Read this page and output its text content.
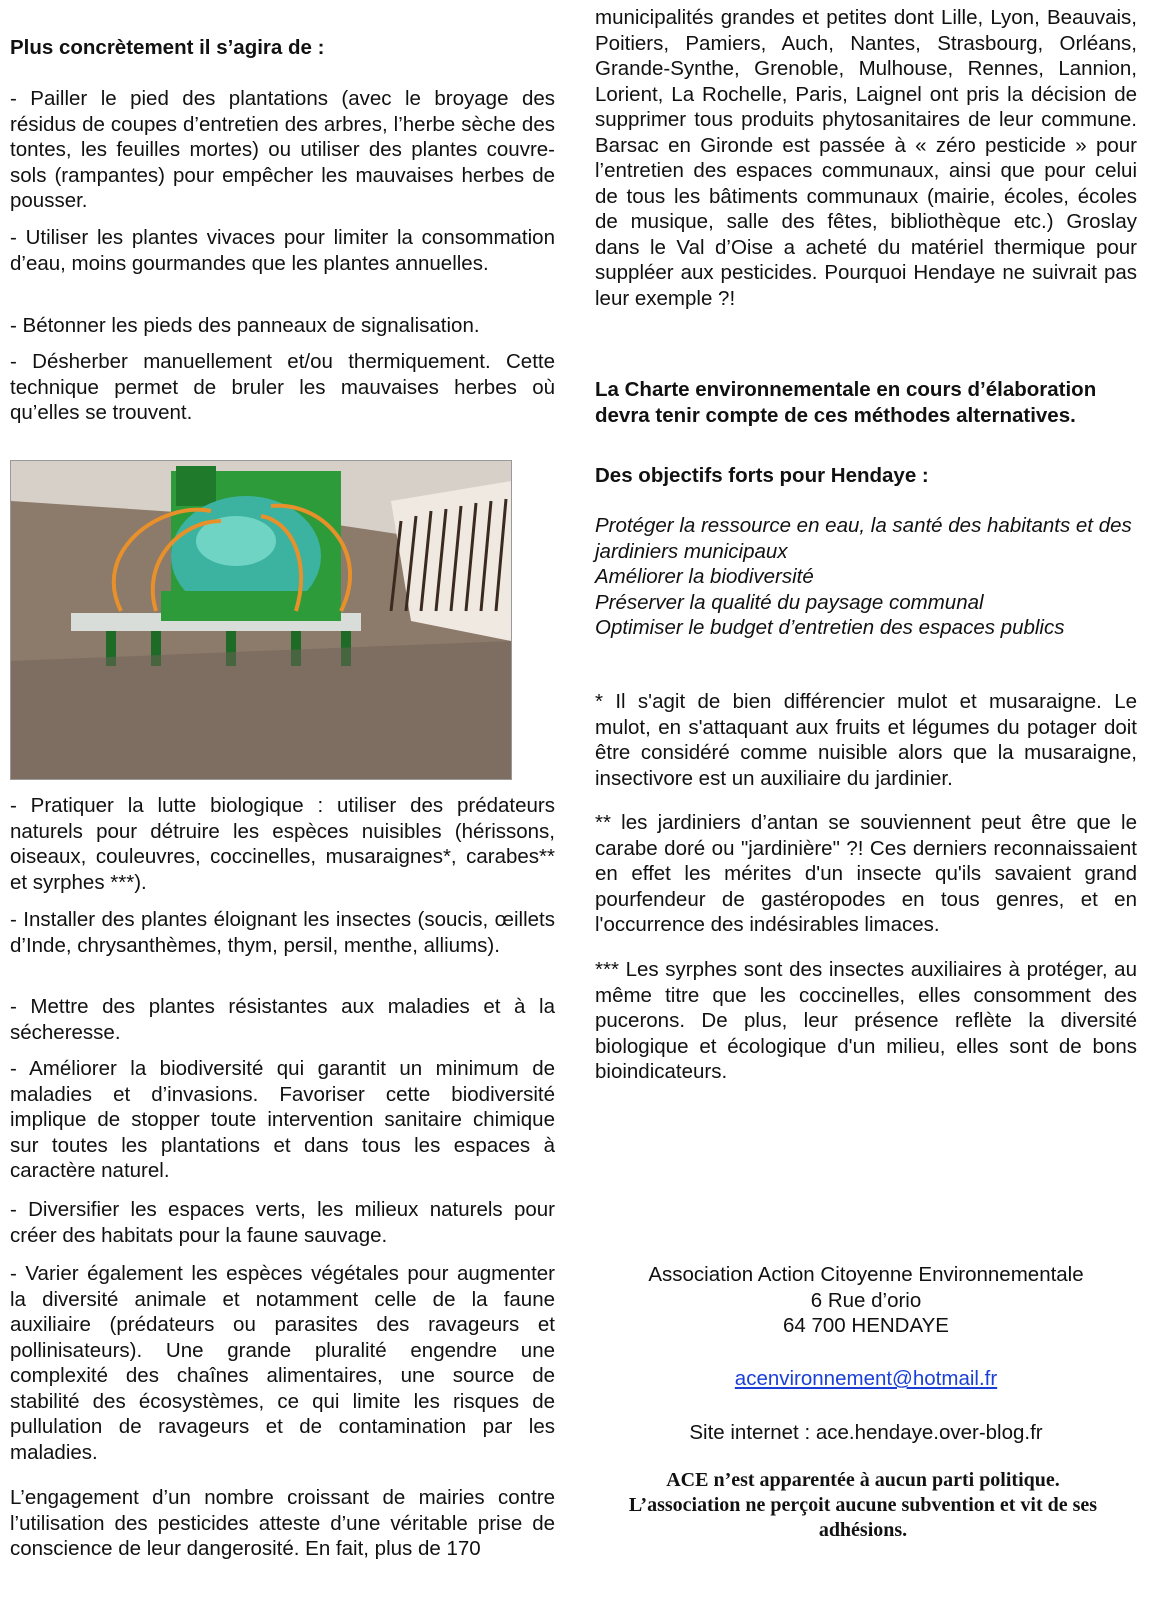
Plus concrètement il s’agira de :

- Pailler le pied des plantations (avec le broyage des résidus de coupes d’entretien des arbres, l’herbe sèche des tontes, les feuilles mortes) ou utiliser des plantes couvre-sols (rampantes) pour empêcher les mauvaises herbes de pousser.

- Utiliser les plantes vivaces pour limiter la consommation d’eau, moins gourmandes que les plantes annuelles.

- Bétonner les pieds des panneaux de signalisation.

- Désherber manuellement et/ou thermiquement. Cette technique permet de bruler les mauvaises herbes où qu’elles se trouvent.

- Pratiquer la lutte biologique : utiliser des prédateurs naturels pour détruire les espèces nuisibles (hérissons, oiseaux, couleuvres, coccinelles, musaraignes*, carabes** et syrphes ***).

- Installer des plantes éloignant les insectes (soucis, œillets d’Inde, chrysanthèmes, thym, persil, menthe, alliums).

- Mettre des plantes résistantes aux maladies et à la sécheresse.

- Améliorer la biodiversité qui garantit un minimum de maladies et d’invasions. Favoriser cette biodiversité implique de stopper toute intervention sanitaire chimique sur toutes les plantations et dans tous les espaces à caractère naturel.

- Diversifier les espaces verts, les milieux naturels pour créer des habitats pour la faune sauvage.

- Varier également les espèces végétales pour augmenter la diversité animale et notamment celle de la faune auxiliaire (prédateurs ou parasites des ravageurs et pollinisateurs). Une grande pluralité engendre une complexité des chaînes alimentaires, une source de stabilité des écosystèmes, ce qui limite les risques de pullulation de ravageurs et de contamination par les maladies.

L’engagement d’un nombre croissant de mairies contre l’utilisation des pesticides atteste d’une véritable prise de conscience de leur dangerosité. En fait, plus de 170

municipalités grandes et petites dont Lille, Lyon, Beauvais, Poitiers, Pamiers, Auch, Nantes, Strasbourg, Orléans, Grande-Synthe, Grenoble, Mulhouse, Rennes, Lannion, Lorient, La Rochelle, Paris, Laignel ont pris la décision de supprimer tous produits phytosanitaires de leur commune. Barsac en Gironde est passée à « zéro pesticide » pour l’entretien des espaces communaux, ainsi que pour celui de tous les bâtiments communaux (mairie, écoles, écoles de musique, salle des fêtes, bibliothèque etc.) Groslay dans le Val d’Oise a acheté du matériel thermique pour suppléer aux pesticides. Pourquoi Hendaye ne suivrait pas leur exemple ?!

La Charte environnementale en cours d’élaboration devra tenir compte de ces méthodes alternatives.

Des objectifs forts pour Hendaye :

Protéger la ressource en eau, la santé des habitants et des jardiniers municipaux

Améliorer la biodiversité

Préserver la qualité du paysage communal

Optimiser le budget d’entretien des espaces publics

* Il s'agit de bien différencier mulot et musaraigne. Le mulot, en s'attaquant aux fruits et légumes du potager doit être considéré comme nuisible alors que la musaraigne, insectivore est un auxiliaire du jardinier.

** les jardiniers d’antan se souviennent peut être que le carabe doré ou "jardinière" ?! Ces derniers reconnaissaient en effet les mérites d'un insecte qu'ils savaient grand pourfendeur de gastéropodes en tous genres, et en l'occurrence des indésirables limaces.

*** Les syrphes sont des insectes auxiliaires à protéger, au même titre que les coccinelles, elles consomment des pucerons. De plus, leur présence reflète la diversité biologique et écologique d'un milieu, elles sont de bons bioindicateurs.

Association Action Citoyenne Environnementale

6 Rue d’orio

64 700 HENDAYE

acenvironnement@hotmail.fr

Site internet : ace.hendaye.over-blog.fr

ACE n’est apparentée à aucun parti politique.

L’association ne perçoit aucune subvention et vit de ses adhésions.
